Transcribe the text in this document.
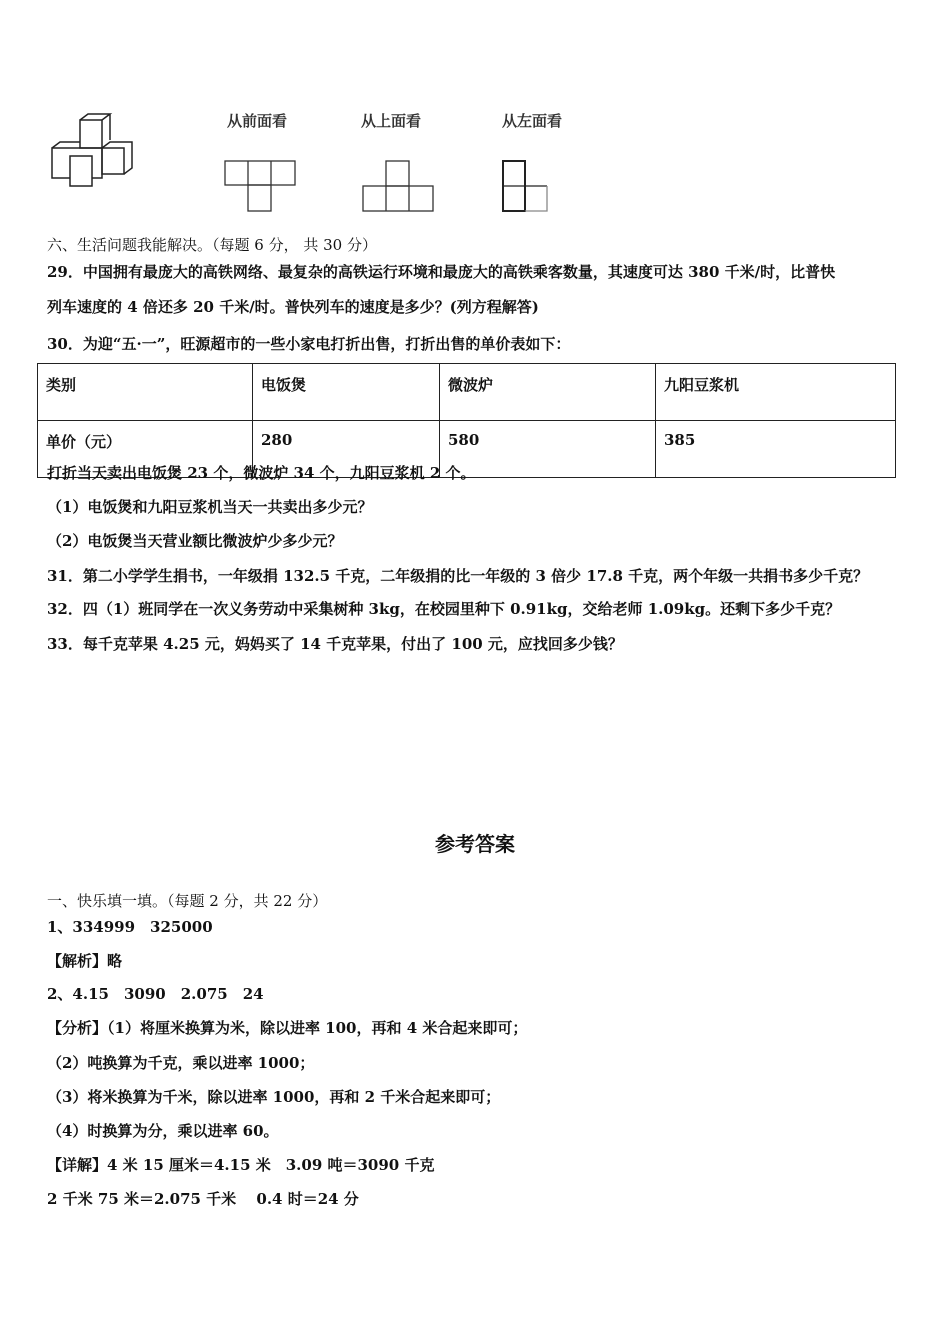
从前面看	从上面看	从左面看
六、生活问题我能解决。（每题 6 分， 共 30 分）
29．中国拥有最庞大的高铁网络、最复杂的高铁运行环境和最庞大的高铁乘客数量，其速度可达 380 千米/时，比普快
列车速度的 4 倍还多 20 千米/时。普快列车的速度是多少？(列方程解答)
30．为迎“五·一”，旺源超市的一些小家电打折出售，打折出售的单价表如下：
类别	电饭煲	微波炉	九阳豆浆机
单价（元）	280	580	385
打折当天卖出电饭煲 23 个，微波炉 34 个，九阳豆浆机 2 个。
（1）电饭煲和九阳豆浆机当天一共卖出多少元？
（2）电饭煲当天营业额比微波炉少多少元？
31．第二小学学生捐书，一年级捐 132.5 千克，二年级捐的比一年级的 3 倍少 17.8 千克，两个年级一共捐书多少千克？
32．四（1）班同学在一次义务劳动中采集树种 3kg，在校园里种下 0.91kg，交给老师 1.09kg。还剩下多少千克？
33．每千克苹果 4.25 元，妈妈买了 14 千克苹果，付出了 100 元，应找回多少钱？
参考答案
一、快乐填一填。（每题 2 分，共 22 分）
1、334999　325000
【解析】略
2、4.15　3090　2.075　24
【分析】（1）将厘米换算为米，除以进率 100，再和 4 米合起来即可；
（2）吨换算为千克，乘以进率 1000；
（3）将米换算为千米，除以进率 1000，再和 2 千米合起来即可；
（4）时换算为分，乘以进率 60。
【详解】4 米 15 厘米＝4.15 米　3.09 吨＝3090 千克
2 千米 75 米＝2.075 千米　 0.4 时＝24 分
